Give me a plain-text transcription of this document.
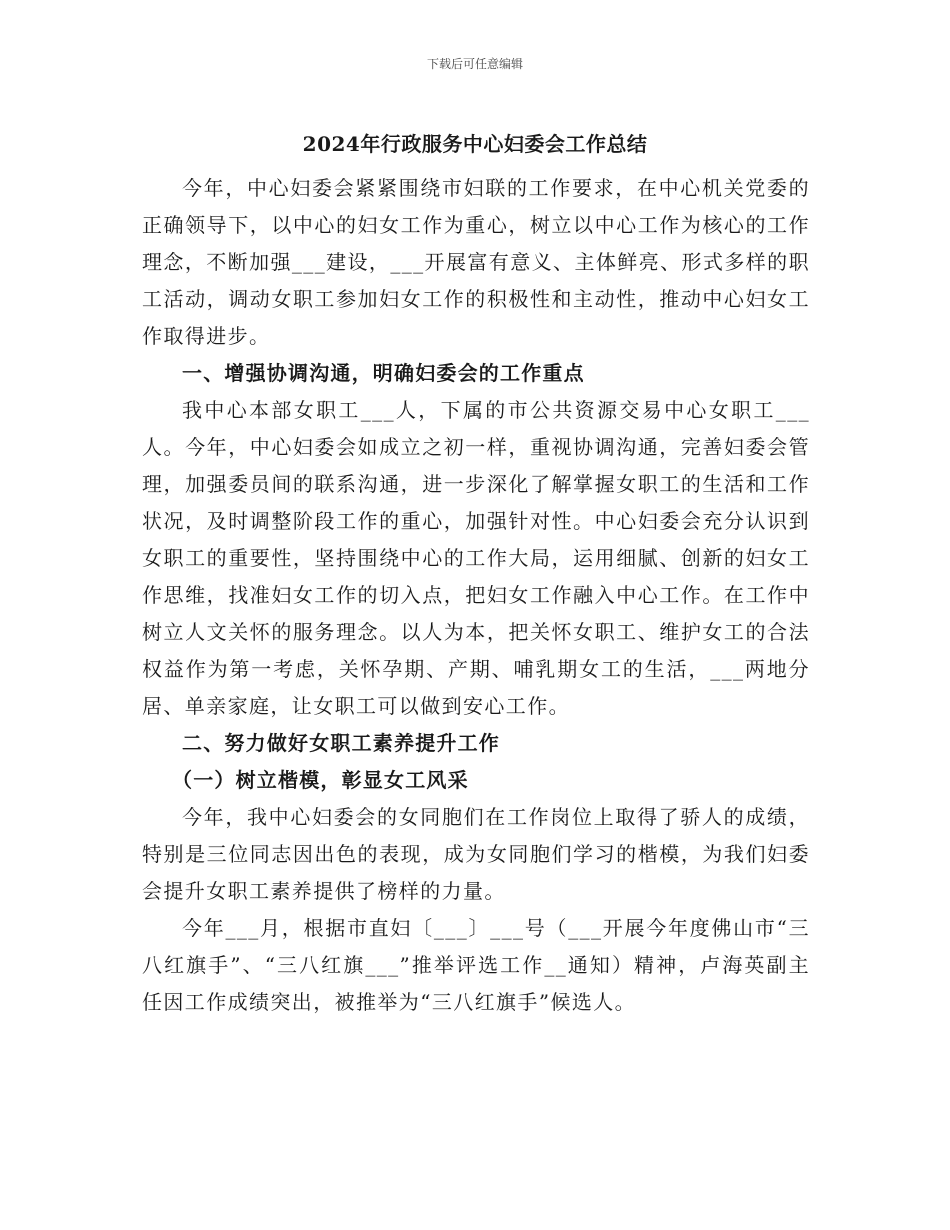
下载后可任意编辑
2024年行政服务中心妇委会工作总结

今年，中心妇委会紧紧围绕市妇联的工作要求，在中心机关党委的正确领导下，以中心的妇女工作为重心，树立以中心工作为核心的工作理念，不断加强___建设，___开展富有意义、主体鲜亮、形式多样的职工活动，调动女职工参加妇女工作的积极性和主动性，推动中心妇女工作取得进步。

一、增强协调沟通，明确妇委会的工作重点

我中心本部女职工___人，下属的市公共资源交易中心女职工___人。今年，中心妇委会如成立之初一样，重视协调沟通，完善妇委会管理，加强委员间的联系沟通，进一步深化了解掌握女职工的生活和工作状况，及时调整阶段工作的重心，加强针对性。中心妇委会充分认识到女职工的重要性，坚持围绕中心的工作大局，运用细腻、创新的妇女工作思维，找准妇女工作的切入点，把妇女工作融入中心工作。在工作中树立人文关怀的服务理念。以人为本，把关怀女职工、维护女工的合法权益作为第一考虑，关怀孕期、产期、哺乳期女工的生活，___两地分居、单亲家庭，让女职工可以做到安心工作。

二、努力做好女职工素养提升工作
（一）树立楷模，彰显女工风采

今年，我中心妇委会的女同胞们在工作岗位上取得了骄人的成绩，特别是三位同志因出色的表现，成为女同胞们学习的楷模，为我们妇委会提升女职工素养提供了榜样的力量。

今年___月，根据市直妇〔___〕___号（___开展今年度佛山市“三八红旗手”、“三八红旗___”推举评选工作__通知）精神，卢海英副主任因工作成绩突出，被推举为“三八红旗手”候选人。
